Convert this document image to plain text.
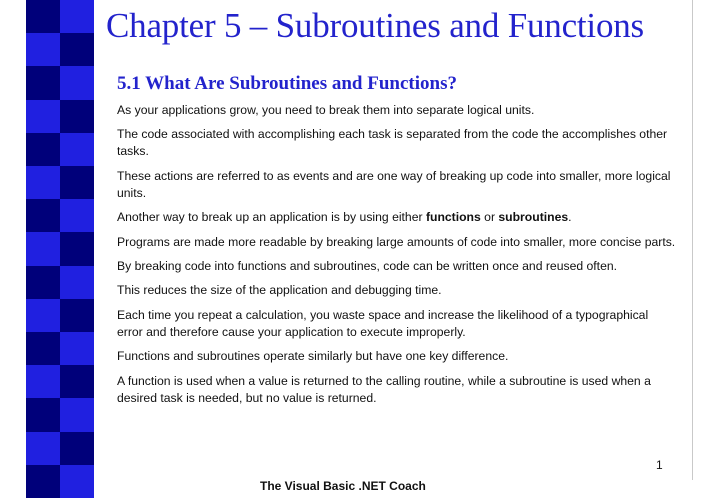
Chapter 5 – Subroutines and Functions
5.1 What Are Subroutines and Functions?

As your applications grow, you need to break them into separate logical units.

The code associated with accomplishing each task is separated from the code the accomplishes other tasks.

These actions are referred to as events and are one way of breaking up code into smaller, more logical units.

Another way to break up an application is by using either functions or subroutines.

Programs are made more readable by breaking large amounts of code into smaller, more concise parts.

By breaking code into functions and subroutines, code can be written once and reused often.

This reduces the size of the application and debugging time.

Each time you repeat a calculation, you waste space and increase the likelihood of a typographical error and therefore cause your application to execute improperly.

Functions and subroutines operate similarly but have one key difference.

A function is used when a value is returned to the calling routine, while a subroutine is used when a desired task is needed, but no value is returned.

1
The Visual Basic .NET Coach
